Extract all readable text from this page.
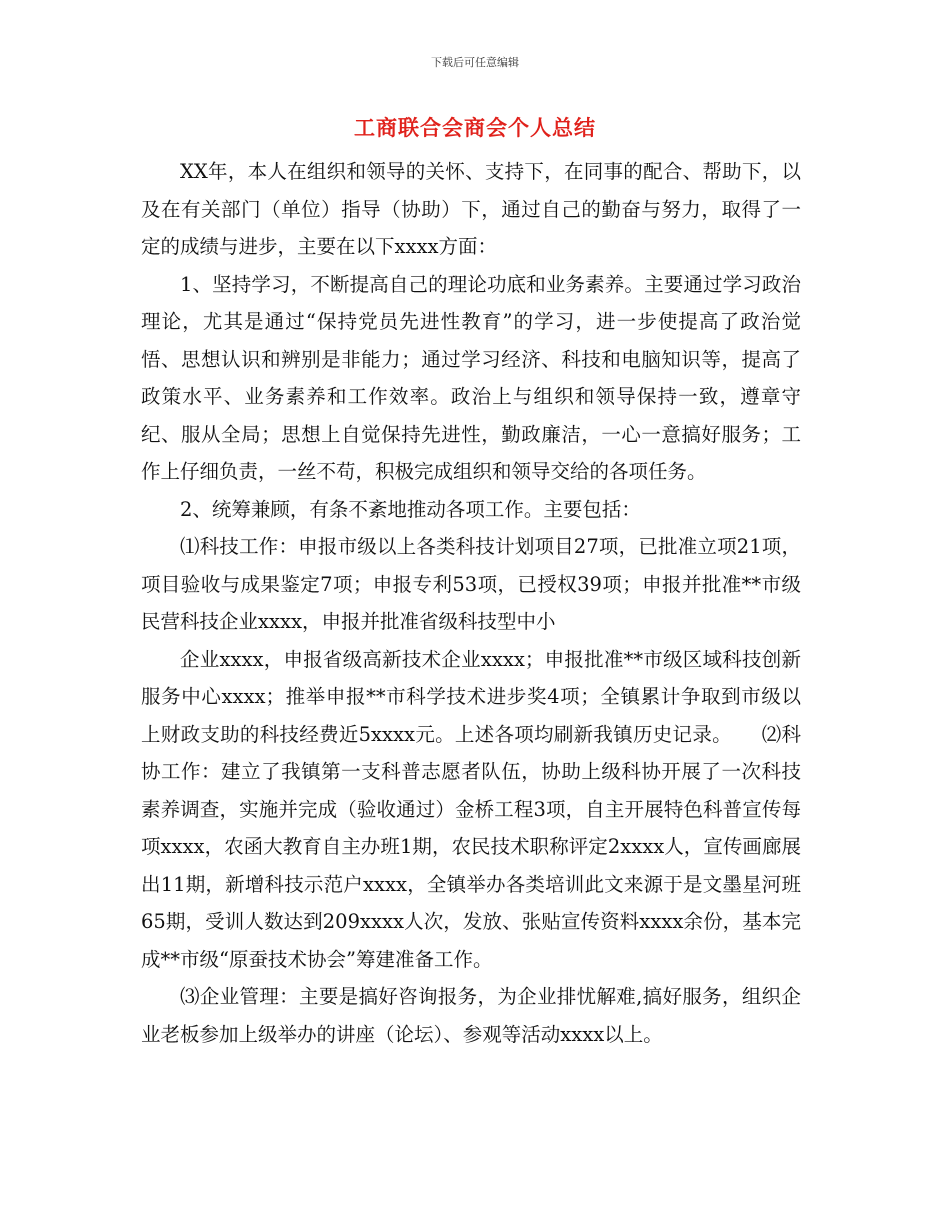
下载后可任意编辑
工商联合会商会个人总结

XX年，本人在组织和领导的关怀、支持下，在同事的配合、帮助下，以及在有关部门（单位）指导（协助）下，通过自己的勤奋与努力，取得了一定的成绩与进步，主要在以下xxxx方面：

1、坚持学习，不断提高自己的理论功底和业务素养。主要通过学习政治理论，尤其是通过“保持党员先进性教育”的学习，进一步使提高了政治觉悟、思想认识和辨别是非能力；通过学习经济、科技和电脑知识等，提高了政策水平、业务素养和工作效率。政治上与组织和领导保持一致，遵章守纪、服从全局；思想上自觉保持先进性，勤政廉洁，一心一意搞好服务；工作上仔细负责，一丝不苟，积极完成组织和领导交给的各项任务。

2、统筹兼顾，有条不紊地推动各项工作。主要包括：

⑴科技工作：申报市级以上各类科技计划项目27项，已批准立项21项，项目验收与成果鉴定7项；申报专利53项，已授权39项；申报并批准**市级民营科技企业xxxx，申报并批准省级科技型中小

企业xxxx，申报省级高新技术企业xxxx；申报批准**市级区域科技创新服务中心xxxx；推举申报**市科学技术进步奖4项；全镇累计争取到市级以上财政支助的科技经费近5xxxx元。上述各项均刷新我镇历史记录。　　⑵科协工作：建立了我镇第一支科普志愿者队伍，协助上级科协开展了一次科技素养调查，实施并完成（验收通过）金桥工程3项，自主开展特色科普宣传每项xxxx，农函大教育自主办班1期，农民技术职称评定2xxxx人，宣传画廊展出11期，新增科技示范户xxxx，全镇举办各类培训此文来源于是文墨星河班65期，受训人数达到209xxxx人次，发放、张贴宣传资料xxxx余份，基本完成**市级“原蚕技术协会”筹建准备工作。

⑶企业管理：主要是搞好咨询报务，为企业排忧解难,搞好服务，组织企业老板参加上级举办的讲座（论坛）、参观等活动xxxx以上。
